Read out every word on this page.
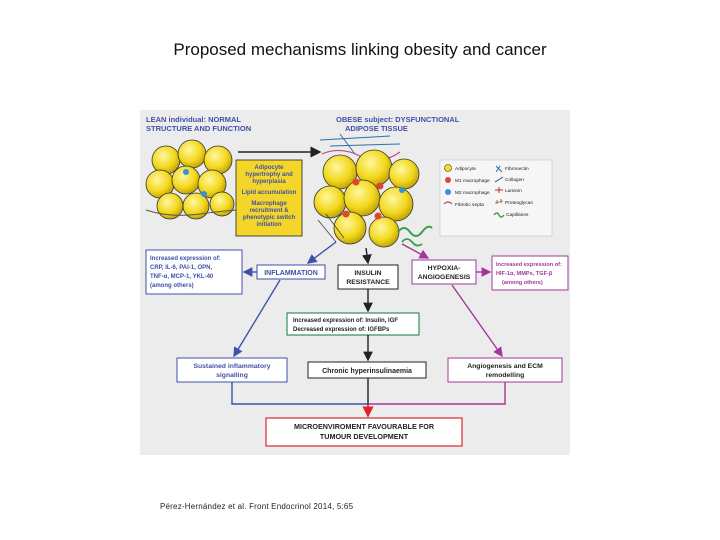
Proposed mechanisms linking obesity and cancer
LEAN individual: NORMAL
STRUCTURE AND FUNCTION
OBESE subject: DYSFUNCTIONAL
ADIPOSE TISSUE
Adipocyte
hypertrophy and
hyperplasia
Lipid accumulation
Macrophage
recruitment &
phenotypic switch
initiation
Adipocyte
M1 macrophage
M2 macrophage
Fibrotic septa
Fibronectin
Collagen
Laminin
Proteoglycan
Capillaries
Increased expression of:
CRP, IL-6, PAI-1, OPN,
TNF-α, MCP-1, YKL-40
(among others)
INFLAMMATION	INSULIN
RESISTANCE
HYPOXIA-
ANGIOGENESIS
Increased expression of:
HIF-1α, MMPs, TGF-β
(among others)
Increased expression of: Insulin, IGF
Decreased expression of: IGFBPs
Sustained inflammatory
signalling
Chronic hyperinsulinaemia
Angiogenesis and ECM
remodelling
MICROENVIROMENT FAVOURABLE FOR
TUMOUR DEVELOPMENT
Pérez-Hernández et al. Front Endocrinol 2014, 5:65
